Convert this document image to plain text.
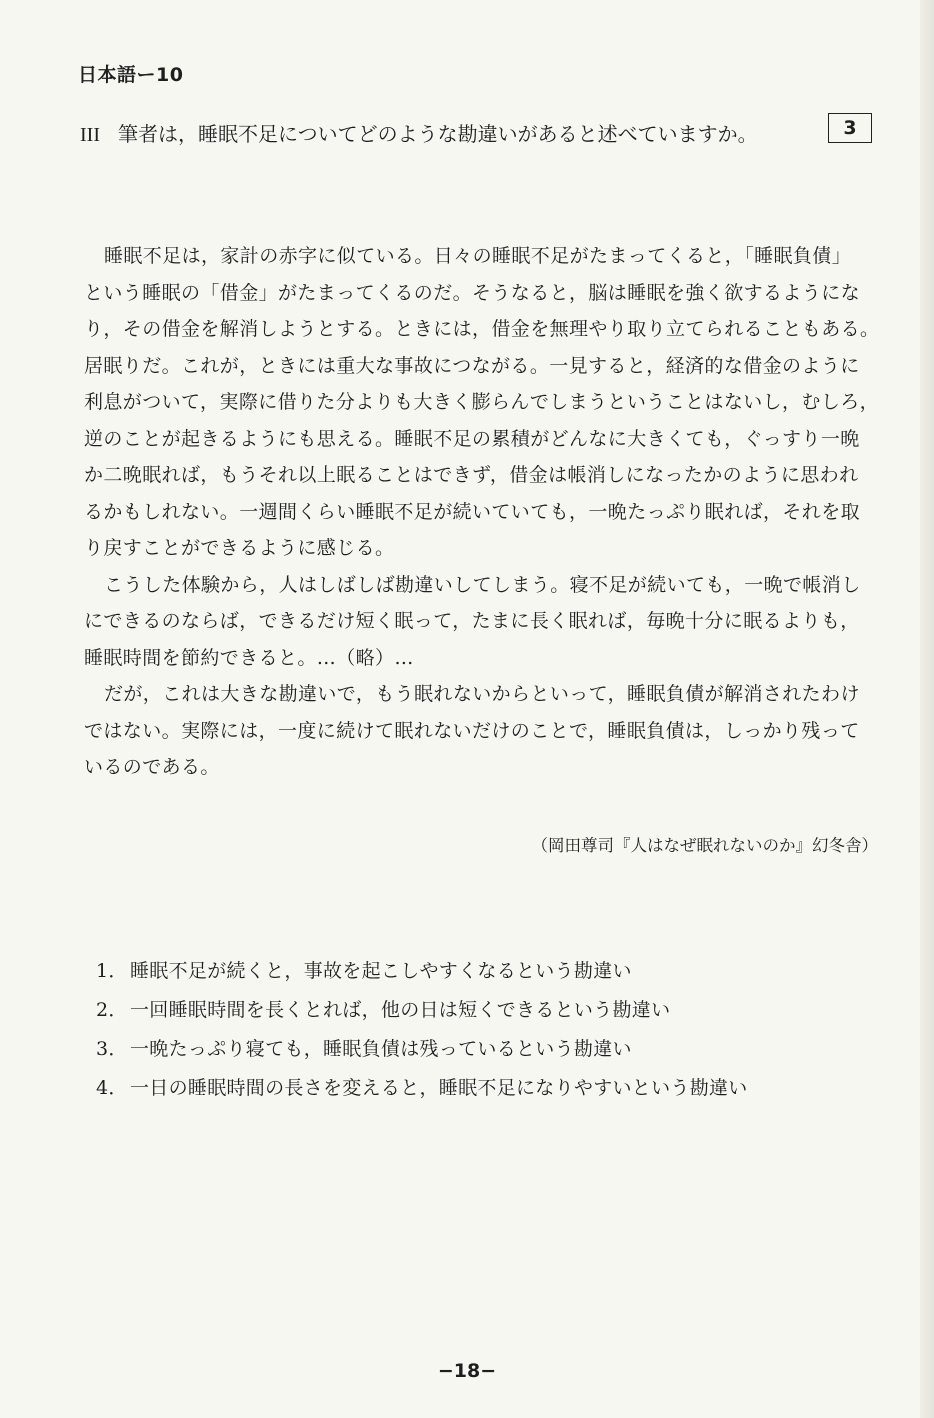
日本語ー10
III 筆者は，睡眠不足についてどのような勘違いがあると述べていますか。	3
睡眠不足は，家計の赤字に似ている。日々の睡眠不足がたまってくると，「睡眠負債」
という睡眠の「借金」がたまってくるのだ。そうなると，脳は睡眠を強く欲するようにな
り，その借金を解消しようとする。ときには，借金を無理やり取り立てられることもある。
居眠りだ。これが，ときには重大な事故につながる。一見すると，経済的な借金のように
利息がついて，実際に借りた分よりも大きく膨らんでしまうということはないし，むしろ，
逆のことが起きるようにも思える。睡眠不足の累積がどんなに大きくても，ぐっすり一晩
か二晩眠れば，もうそれ以上眠ることはできず，借金は帳消しになったかのように思われ
るかもしれない。一週間くらい睡眠不足が続いていても，一晩たっぷり眠れば，それを取
り戻すことができるように感じる。
こうした体験から，人はしばしば勘違いしてしまう。寝不足が続いても，一晩で帳消し
にできるのならば，できるだけ短く眠って，たまに長く眠れば，毎晩十分に眠るよりも，
睡眠時間を節約できると。…（略）…
だが，これは大きな勘違いで，もう眠れないからといって，睡眠負債が解消されたわけ
ではない。実際には，一度に続けて眠れないだけのことで，睡眠負債は，しっかり残って
いるのである。
（岡田尊司『人はなぜ眠れないのか』幻冬舎）
1． 睡眠不足が続くと，事故を起こしやすくなるという勘違い
2． 一回睡眠時間を長くとれば，他の日は短くできるという勘違い
3． 一晩たっぷり寝ても，睡眠負債は残っているという勘違い
4． 一日の睡眠時間の長さを変えると，睡眠不足になりやすいという勘違い
−18−
